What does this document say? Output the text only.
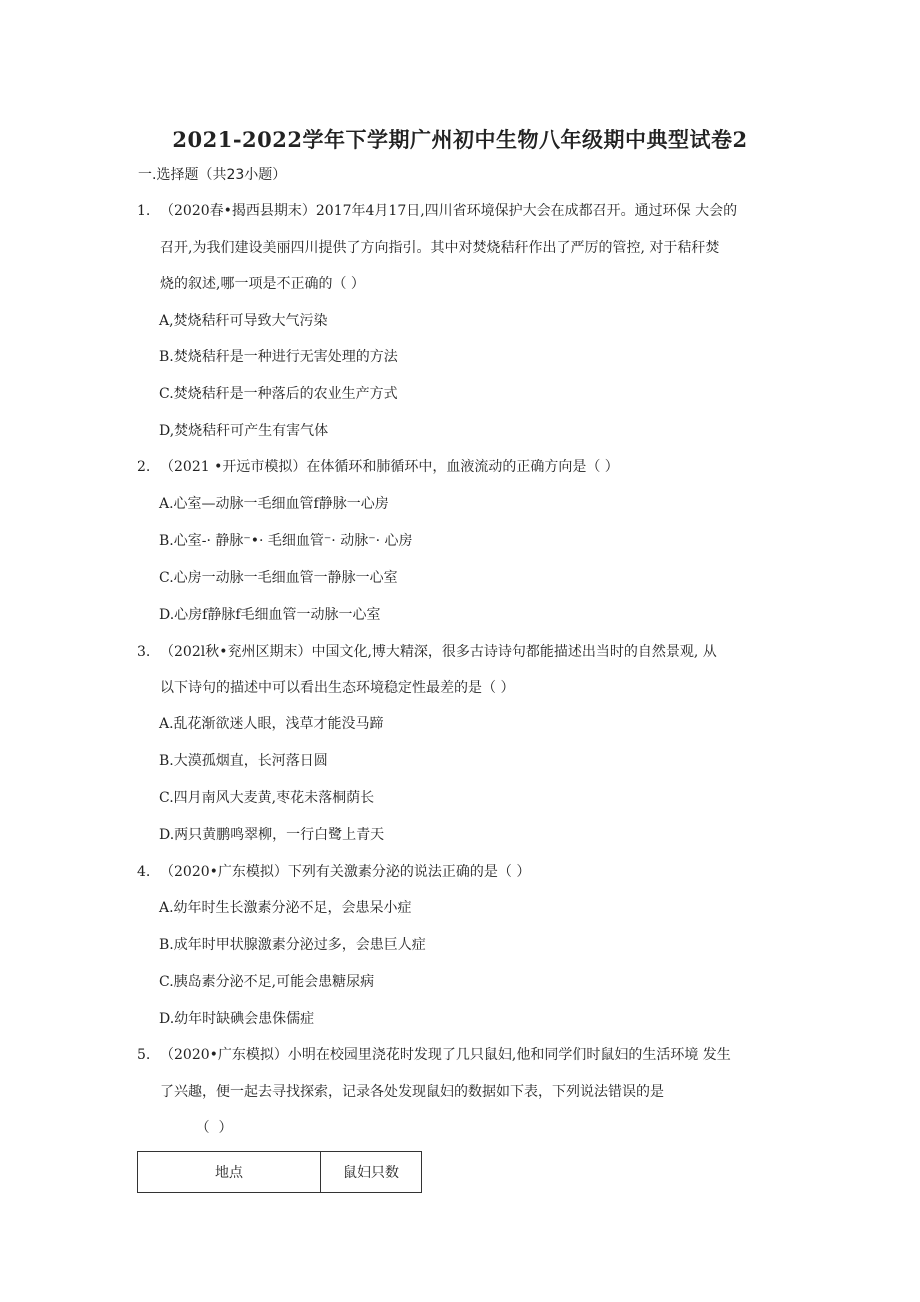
2021-2022学年下学期广州初中生物八年级期中典型试卷2
一.选择题（共23小题）
1. （2020春•揭西县期末）2017年4月17日,四川省环境保护大会在成都召开。通过环保 大会的
召开,为我们建设美丽四川提供了方向指引。其中对焚烧秸秆作出了严厉的管控, 对于秸秆焚
烧的叙述,哪一项是不正确的（ ）
A,焚烧秸秆可导致大气污染
B.焚烧秸秆是一种进行无害处理的方法
C.焚烧秸秆是一种落后的农业生产方式
D,焚烧秸秆可产生有害气体
2. （2021 •开远市模拟）在体循环和肺循环中，血液流动的正确方向是（ ）
A.心室—动脉一毛细血管f静脉一心房
B.心室-· 静脉⁻•· 毛细血管⁻· 动脉⁻· 心房
C.心房一动脉一毛细血管一静脉一心室
D.心房f静脉f毛细血管一动脉一心室
3. （202l秋•兖州区期末）中国文化,博大精深，很多古诗诗句都能描述出当时的自然景观, 从
以下诗句的描述中可以看出生态环境稳定性最差的是（ ）
A.乱花渐欲迷人眼，浅草才能没马蹄
B.大漠孤烟直，长河落日圆
C.四月南风大麦黄,枣花未落桐荫长
D.两只黄鹏鸣翠柳，一行白鹭上青天
4. （2020•广东模拟）下列有关激素分泌的说法正确的是（ ）
A.幼年时生长激素分泌不足，会患呆小症
B.成年时甲状腺激素分泌过多，会患巨人症
C.胰岛素分泌不足,可能会患糖尿病
D.幼年时缺碘会患侏儒症
5. （2020•广东模拟）小明在校园里浇花时发现了几只鼠妇,他和同学们时鼠妇的生活环境 发生
了兴趣，便一起去寻找探索，记录各处发现鼠妇的数据如下表，下列说法错误的是
（  ）
地点	鼠妇只数
